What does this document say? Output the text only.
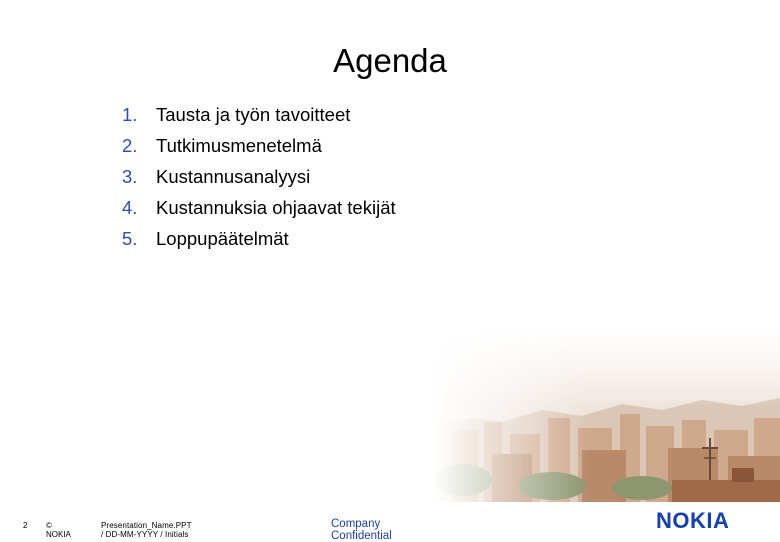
Agenda
1.	Tausta ja työn tavoitteet
2.	Tutkimusmenetelmä
3.	Kustannusanalyysi
4.	Kustannuksia ohjaavat tekijät
5.	Loppupäätelmät
2 © NOKIA
Presentation_Name.PPT / DD-MM-YYYY / Initials
Company Confidential
NOKIA
